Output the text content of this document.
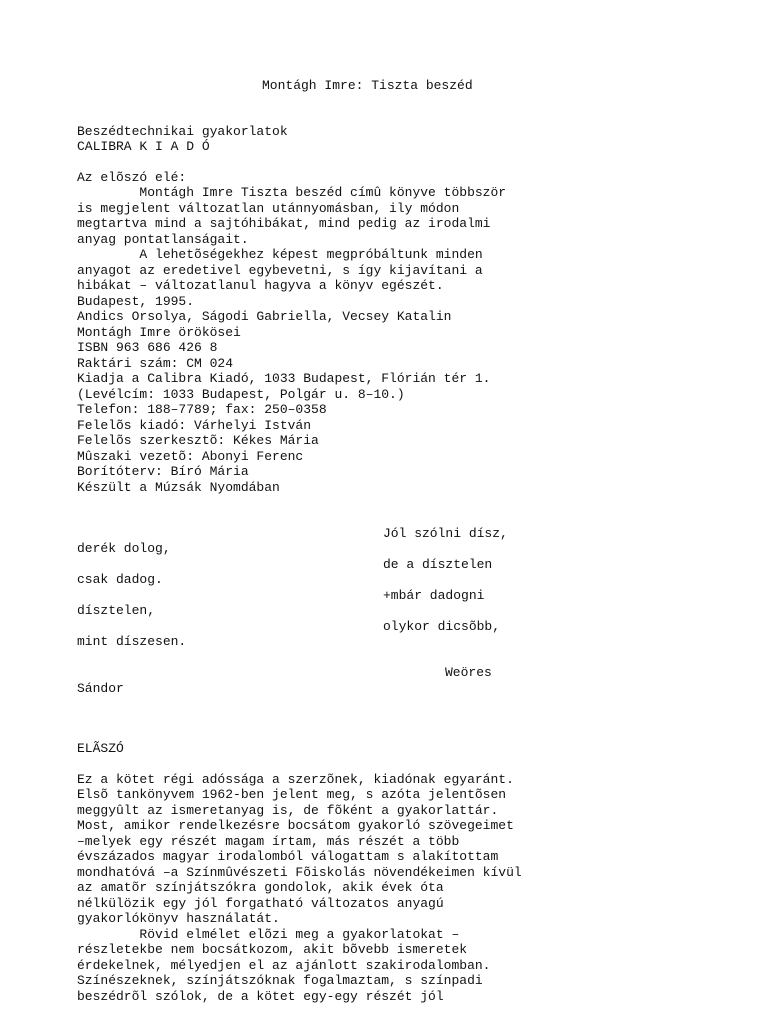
Montágh Imre: Tiszta beszéd

Beszédtechnikai gyakorlatok

CALIBRA K I A D Ó

Az elõszó elé:

Montágh Imre Tiszta beszéd címû könyve többször

is megjelent változatlan utánnyomásban, ily módon

megtartva mind a sajtóhibákat, mind pedig az irodalmi

anyag pontatlanságait.

A lehetõségekhez képest megpróbáltunk minden

anyagot az eredetivel egybevetni, s így kijavítani a

hibákat – változatlanul hagyva a könyv egészét.

Budapest, 1995.

Andics Orsolya, Ságodi Gabriella, Vecsey Katalin

Montágh Imre örökösei

ISBN 963 686 426 8

Raktári szám: CM 024

Kiadja a Calibra Kiadó, 1033 Budapest, Flórián tér 1.

(Levélcím: 1033 Budapest, Polgár u. 8–10.)

Telefon: 188–7789; fax: 250–0358

Felelõs kiadó: Várhelyi István

Felelõs szerkesztõ: Kékes Mária

Mûszaki vezetõ: Abonyi Ferenc

Borítóterv: Bíró Mária

Készült a Múzsák Nyomdában

Jól szólni dísz,

derék dolog,

de a dísztelen

csak dadog.

+mbár dadogni

dísztelen,

olykor dicsõbb,

mint díszesen.

Weöres

Sándor

ELÃSZÓ

Ez a kötet régi adóssága a szerzõnek, kiadónak egyaránt.

Elsõ tankönyvem 1962-ben jelent meg, s azóta jelentõsen

meggyûlt az ismeretanyag is, de fõként a gyakorlattár.

Most, amikor rendelkezésre bocsátom gyakorló szövegeimet

–melyek egy részét magam írtam, más részét a több

évszázados magyar irodalomból válogattam s alakítottam

mondhatóvá –a Színmûvészeti Fõiskolás növendékeimen kívül

az amatõr színjátszókra gondolok, akik évek óta

nélkülözik egy jól forgatható változatos anyagú

gyakorlókönyv használatát.

Rövid elmélet elõzi meg a gyakorlatokat –

részletekbe nem bocsátkozom, akit bõvebb ismeretek

érdekelnek, mélyedjen el az ajánlott szakirodalomban.

Színészeknek, színjátszóknak fogalmaztam, s színpadi

beszédrõl szólok, de a kötet egy-egy részét jól
